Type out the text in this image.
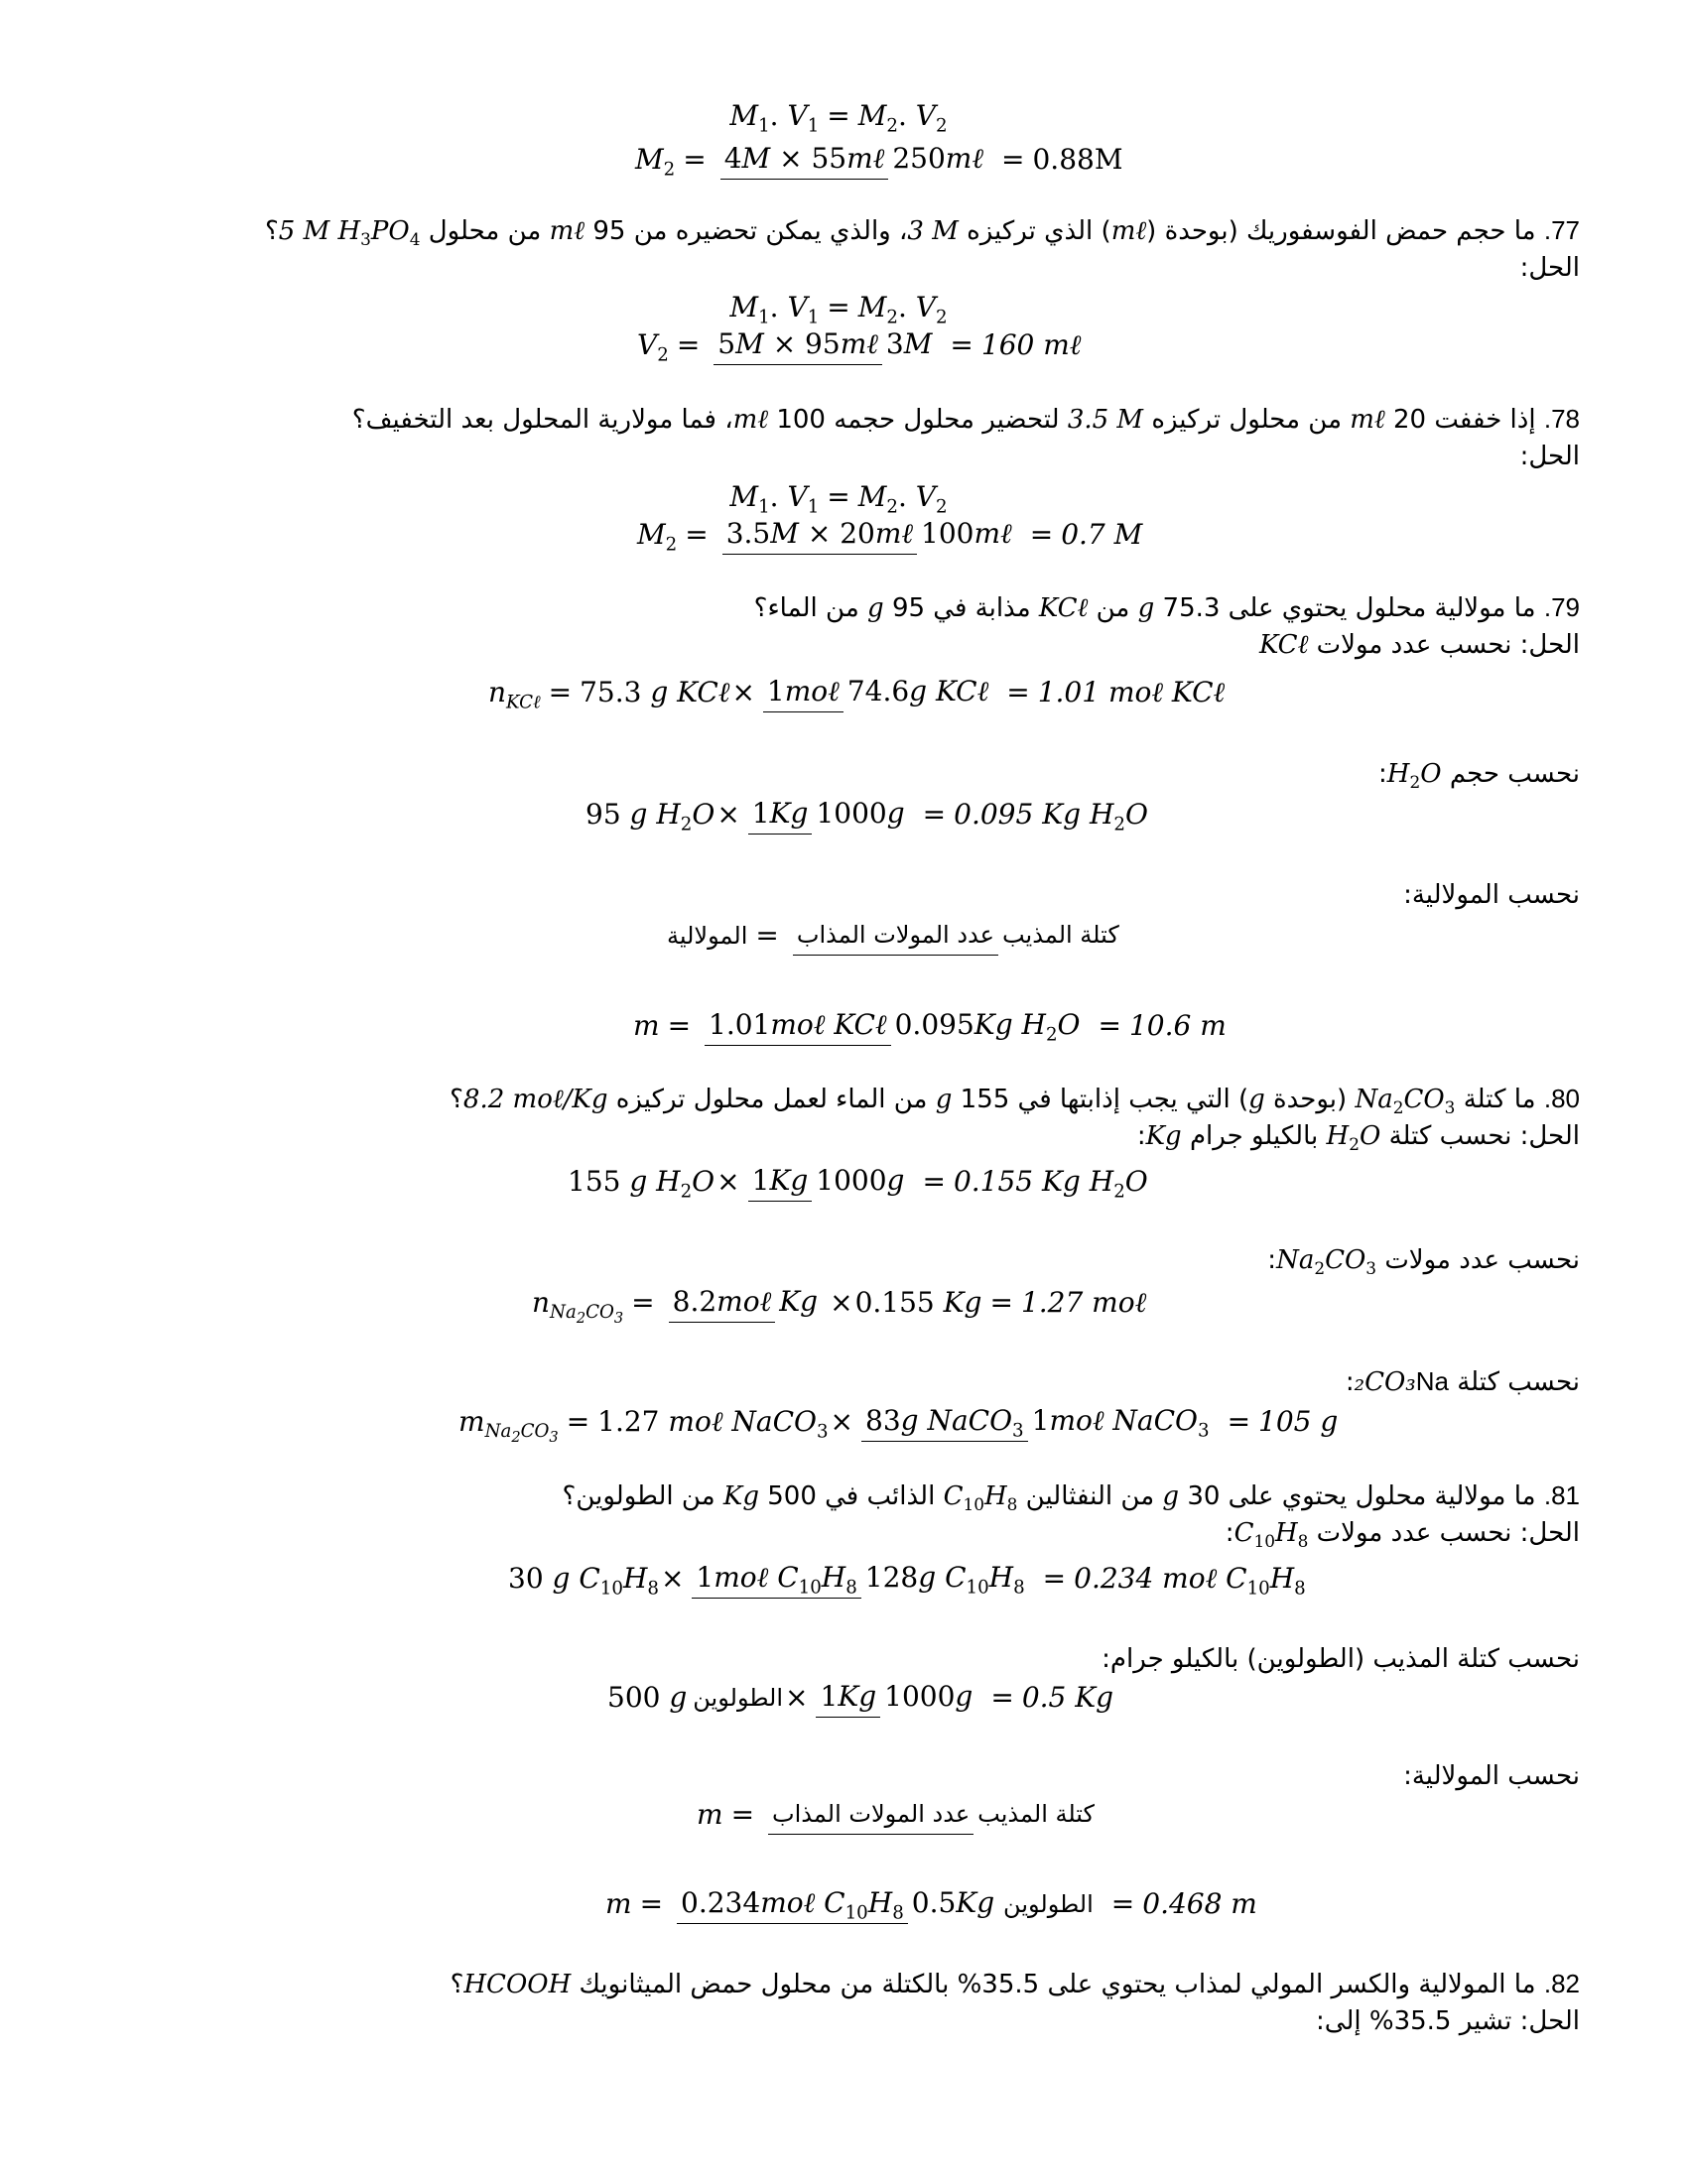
$M_1$ . $V_1 = M_2$ . $V_2$
$M_2 = 4M$ × 55mℓ 250mℓ = 0.88M
77. ما حجم حمض الفوسفوريك (بوحدة (mℓ) الذي تركيزه 3 M، والذي يمكن تحضيره من 95 mℓ من محلول 5 M $H_3PO_4؟$
الحل:
$M_1$ . $V_1 = M_2$ . $V_2$
$V_2 = 5M$ × 95mℓ 3M = 160 mℓ
78. إذا خففت 20 mℓ من محلول تركيزه 3.5 M لتحضير محلول حجمه 100 mℓ، فما مولارية المحلول بعد التخفيف؟
الحل:
$M_1$ . $V_1 = M_2$ . $V_2$
$M_2 = 3.5M$ × 20mℓ 100mℓ = 0.7 M
79. ما مولالية محلول يحتوي على 75.3 g من KCℓ مذابة في 95 g من الماء؟
الحل: نحسب عدد مولات KCℓ
$n_{KC\ell} = 75.3$ g KCℓ × 1moℓ 74.6g KCℓ = 1.01 moℓ KCℓ
نحسب حجم $H_2O$:
95 g $H_2O \times 1Kg$ 1000g = 0.095 Kg $H_2O$
نحسب المولالية:
المولالية = عدد المولات المذاب كتلة المذيب
m = 1.01moℓ KCℓ 0.095Kg $H_2O = 10.6$ m
80. ما كتلة $Na_2CO_3$ (بوحدة g) التي يجب إذابتها في 155 g من الماء لعمل محلول تركيزه 8.2 moℓ/Kg؟
الحل: نحسب كتلة $H_2O$ بالكيلو جرام Kg:
155 g $H_2O \times 1Kg$ 1000g = 0.155 Kg $H_2O$
نحسب عدد مولات $Na_2CO_3$:
$n_{Na_2CO_3}$ = 8.2moℓ Kg × 0.155 Kg = 1.27 moℓ
نحسب كتلة Na₂CO₃:
$m_{Na_2CO_3} = 1.27$ moℓ NaCO$_3$ × 83g NaCO$_3$ 1moℓ NaCO$_3$ = 105 g
81. ما مولالية محلول يحتوي على 30 g من النفثالين $C_{10}H_8$ الذائب في 500 Kg من الطولوين؟
الحل: نحسب عدد مولات $C_{10}H_8$:
30 g $C_{10}H_8$ × 1moℓ $C_{10}H_8$ 128g $C_{10}H_8 = 0.234$ moℓ $C_{10}H_8$
نحسب كتلة المذيب (الطولوين) بالكيلو جرام:
500 g الطولوين × 1Kg 1000g = 0.5 Kg
نحسب المولالية:
m = عدد المولات المذاب كتلة المذيب
m = 0.234moℓ $C_{10}H_8$ 0.5Kg الطولوين = 0.468 m
82. ما المولالية والكسر المولي لمذاب يحتوي على 35.5% بالكتلة من محلول حمض الميثانويك HCOOH؟
الحل: تشير 35.5% إلى:
